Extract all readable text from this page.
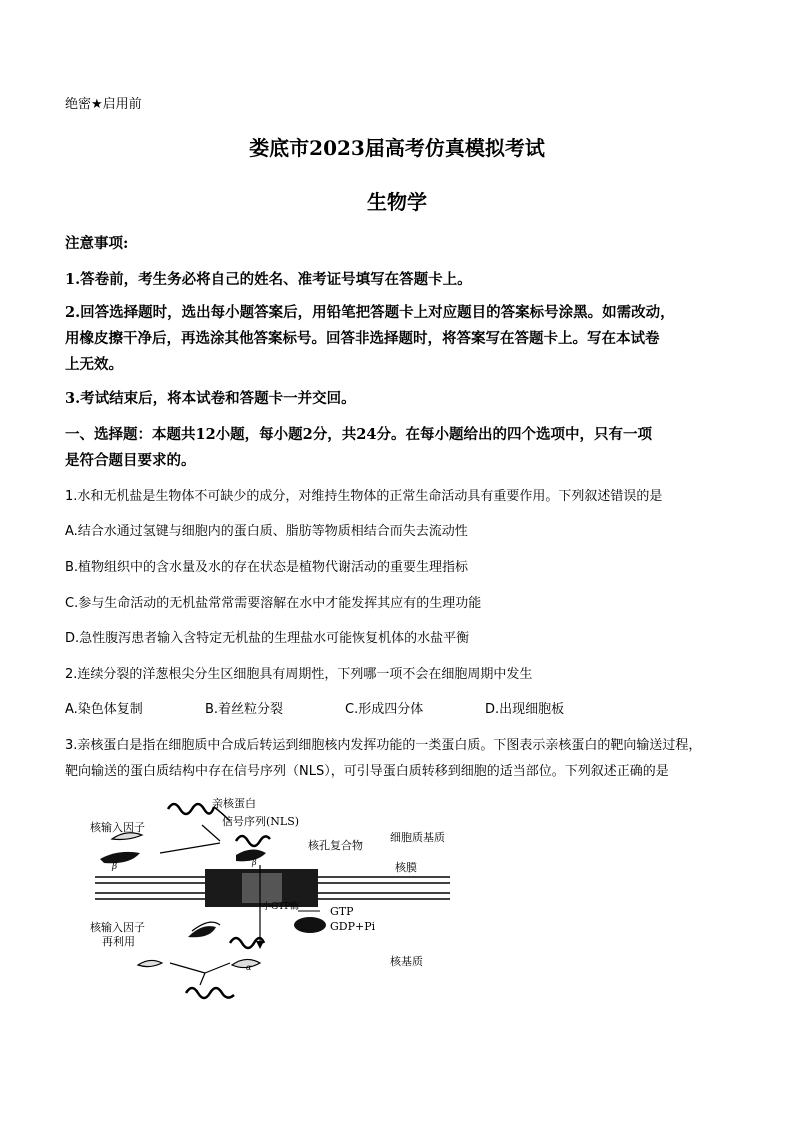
绝密★启用前
娄底市2023届高考仿真模拟考试
生物学
注意事项:
1.答卷前，考生务必将自己的姓名、准考证号填写在答题卡上。
2.回答选择题时，选出每小题答案后，用铅笔把答题卡上对应题目的答案标号涂黑。如需改动，
用橡皮擦干净后，再选涂其他答案标号。回答非选择题时，将答案写在答题卡上。写在本试卷
上无效。
3.考试结束后，将本试卷和答题卡一并交回。
一、选择题：本题共12小题，每小题2分，共24分。在每小题给出的四个选项中，只有一项
是符合题目要求的。
1.水和无机盐是生物体不可缺少的成分，对维持生物体的正常生命活动具有重要作用。下列叙述错误的是
A.结合水通过氢键与细胞内的蛋白质、脂肪等物质相结合而失去流动性
B.植物组织中的含水量及水的存在状态是植物代谢活动的重要生理指标
C.参与生命活动的无机盐常常需要溶解在水中才能发挥其应有的生理功能
D.急性腹泻患者输入含特定无机盐的生理盐水可能恢复机体的水盐平衡
2.连续分裂的洋葱根尖分生区细胞具有周期性，下列哪一项不会在细胞周期中发生
A.染色体复制	B.着丝粒分裂	C.形成四分体	D.出现细胞板
3.亲核蛋白是指在细胞质中合成后转运到细胞核内发挥功能的一类蛋白质。下图表示亲核蛋白的靶向输送过程，
靶向输送的蛋白质结构中存在信号序列（NLS），可引导蛋白质转移到细胞的适当部位。下列叙述正确的是
β	β
α
亲核蛋白
信号序列(NLS)
核输入因子
核孔复合物
细胞质基质
核膜
小GTP酶	GTP
GDP+Pi
核输入因子
再利用
核基质
